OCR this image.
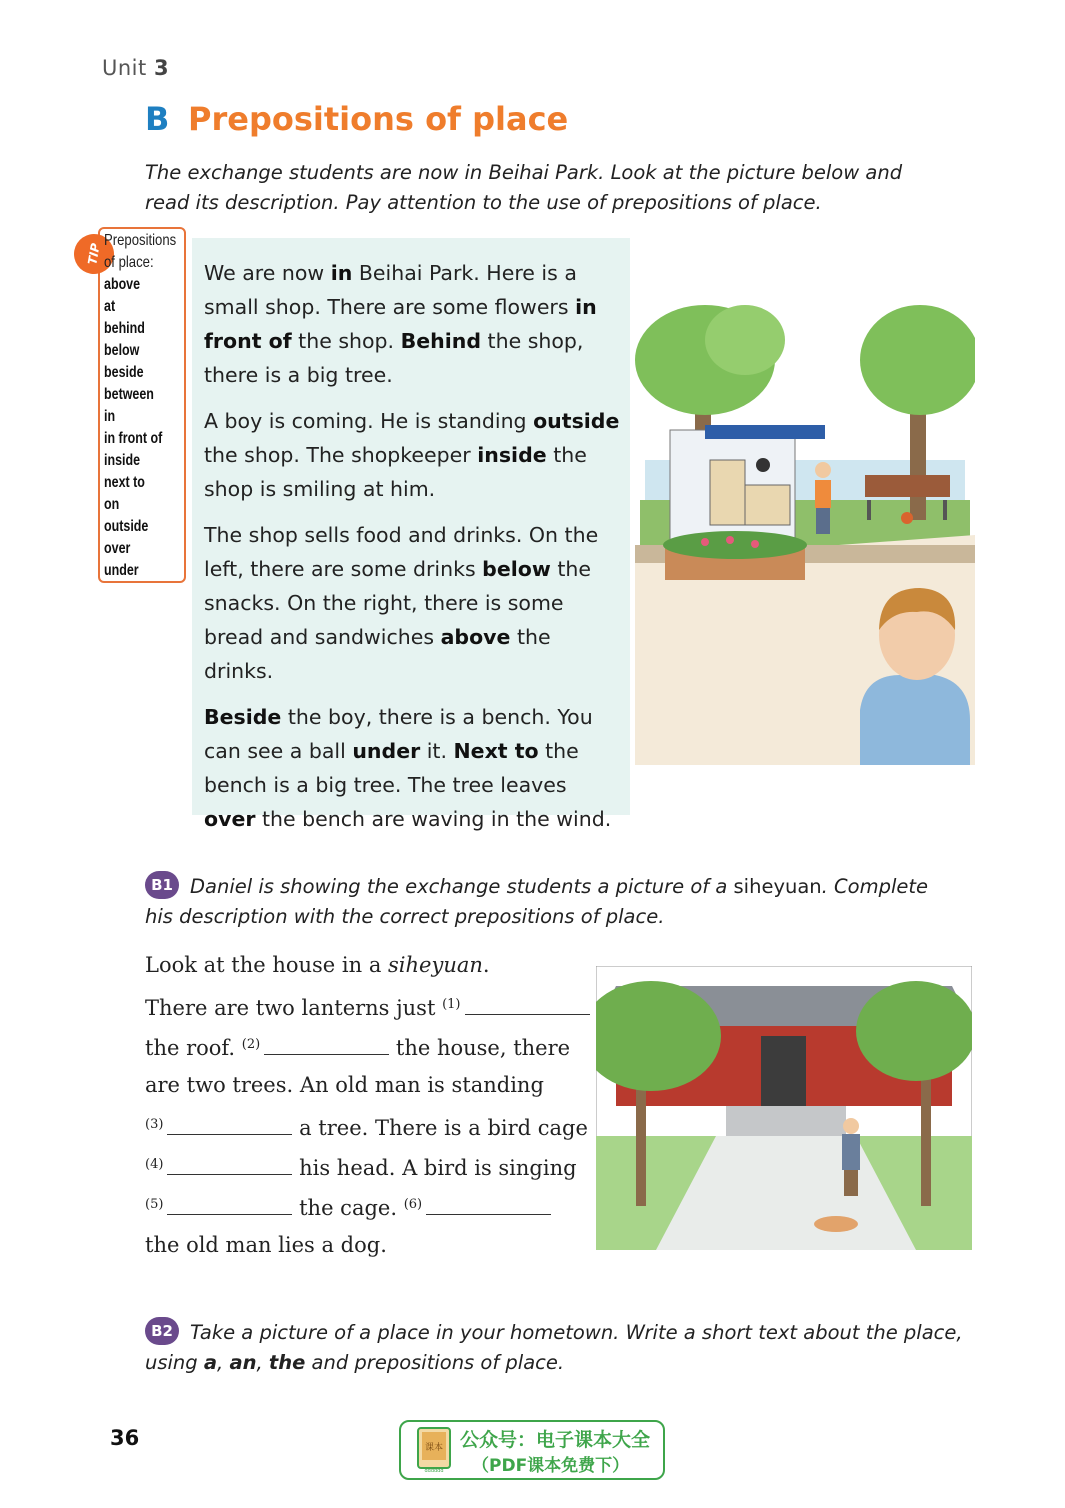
Unit 3
B Prepositions of place
The exchange students are now in Beihai Park. Look at the picture below and read its description. Pay attention to the use of prepositions of place.
TIP
Prepositions
of place:
above
at
behind
below
beside
between
in
in front of
inside
next to
on
outside
over
under

We are now in Beihai Park. Here is a small shop. There are some flowers in front of the shop. Behind the shop, there is a big tree.

A boy is coming. He is standing outside the shop. The shopkeeper inside the shop is smiling at him.

The shop sells food and drinks. On the left, there are some drinks below the snacks. On the right, there is some bread and sandwiches above the drinks.

Beside the boy, there is a bench. You can see a ball under it. Next to the bench is a big tree. The tree leaves over the bench are waving in the wind.

B1 Daniel is showing the exchange students a picture of a siheyuan. Complete his description with the correct prepositions of place.
Look at the house in a siheyuan.
There are two lanterns just $^{(1)}$
the roof. $^{(2)}$	the house, there
are two trees. An old man is standing
$^{(3)}$	a tree. There is a bird cage
$^{(4)}$	his head. A bird is singing
$^{(5)}$	the cage. $^{(6)}$
the old man lies a dog.
B2 Take a picture of a place in your hometown. Write a short text about the place, using a, an, the and prepositions of place.
36	课本
dddddd
公众号：电子课本大全
（PDF课本免费下）
